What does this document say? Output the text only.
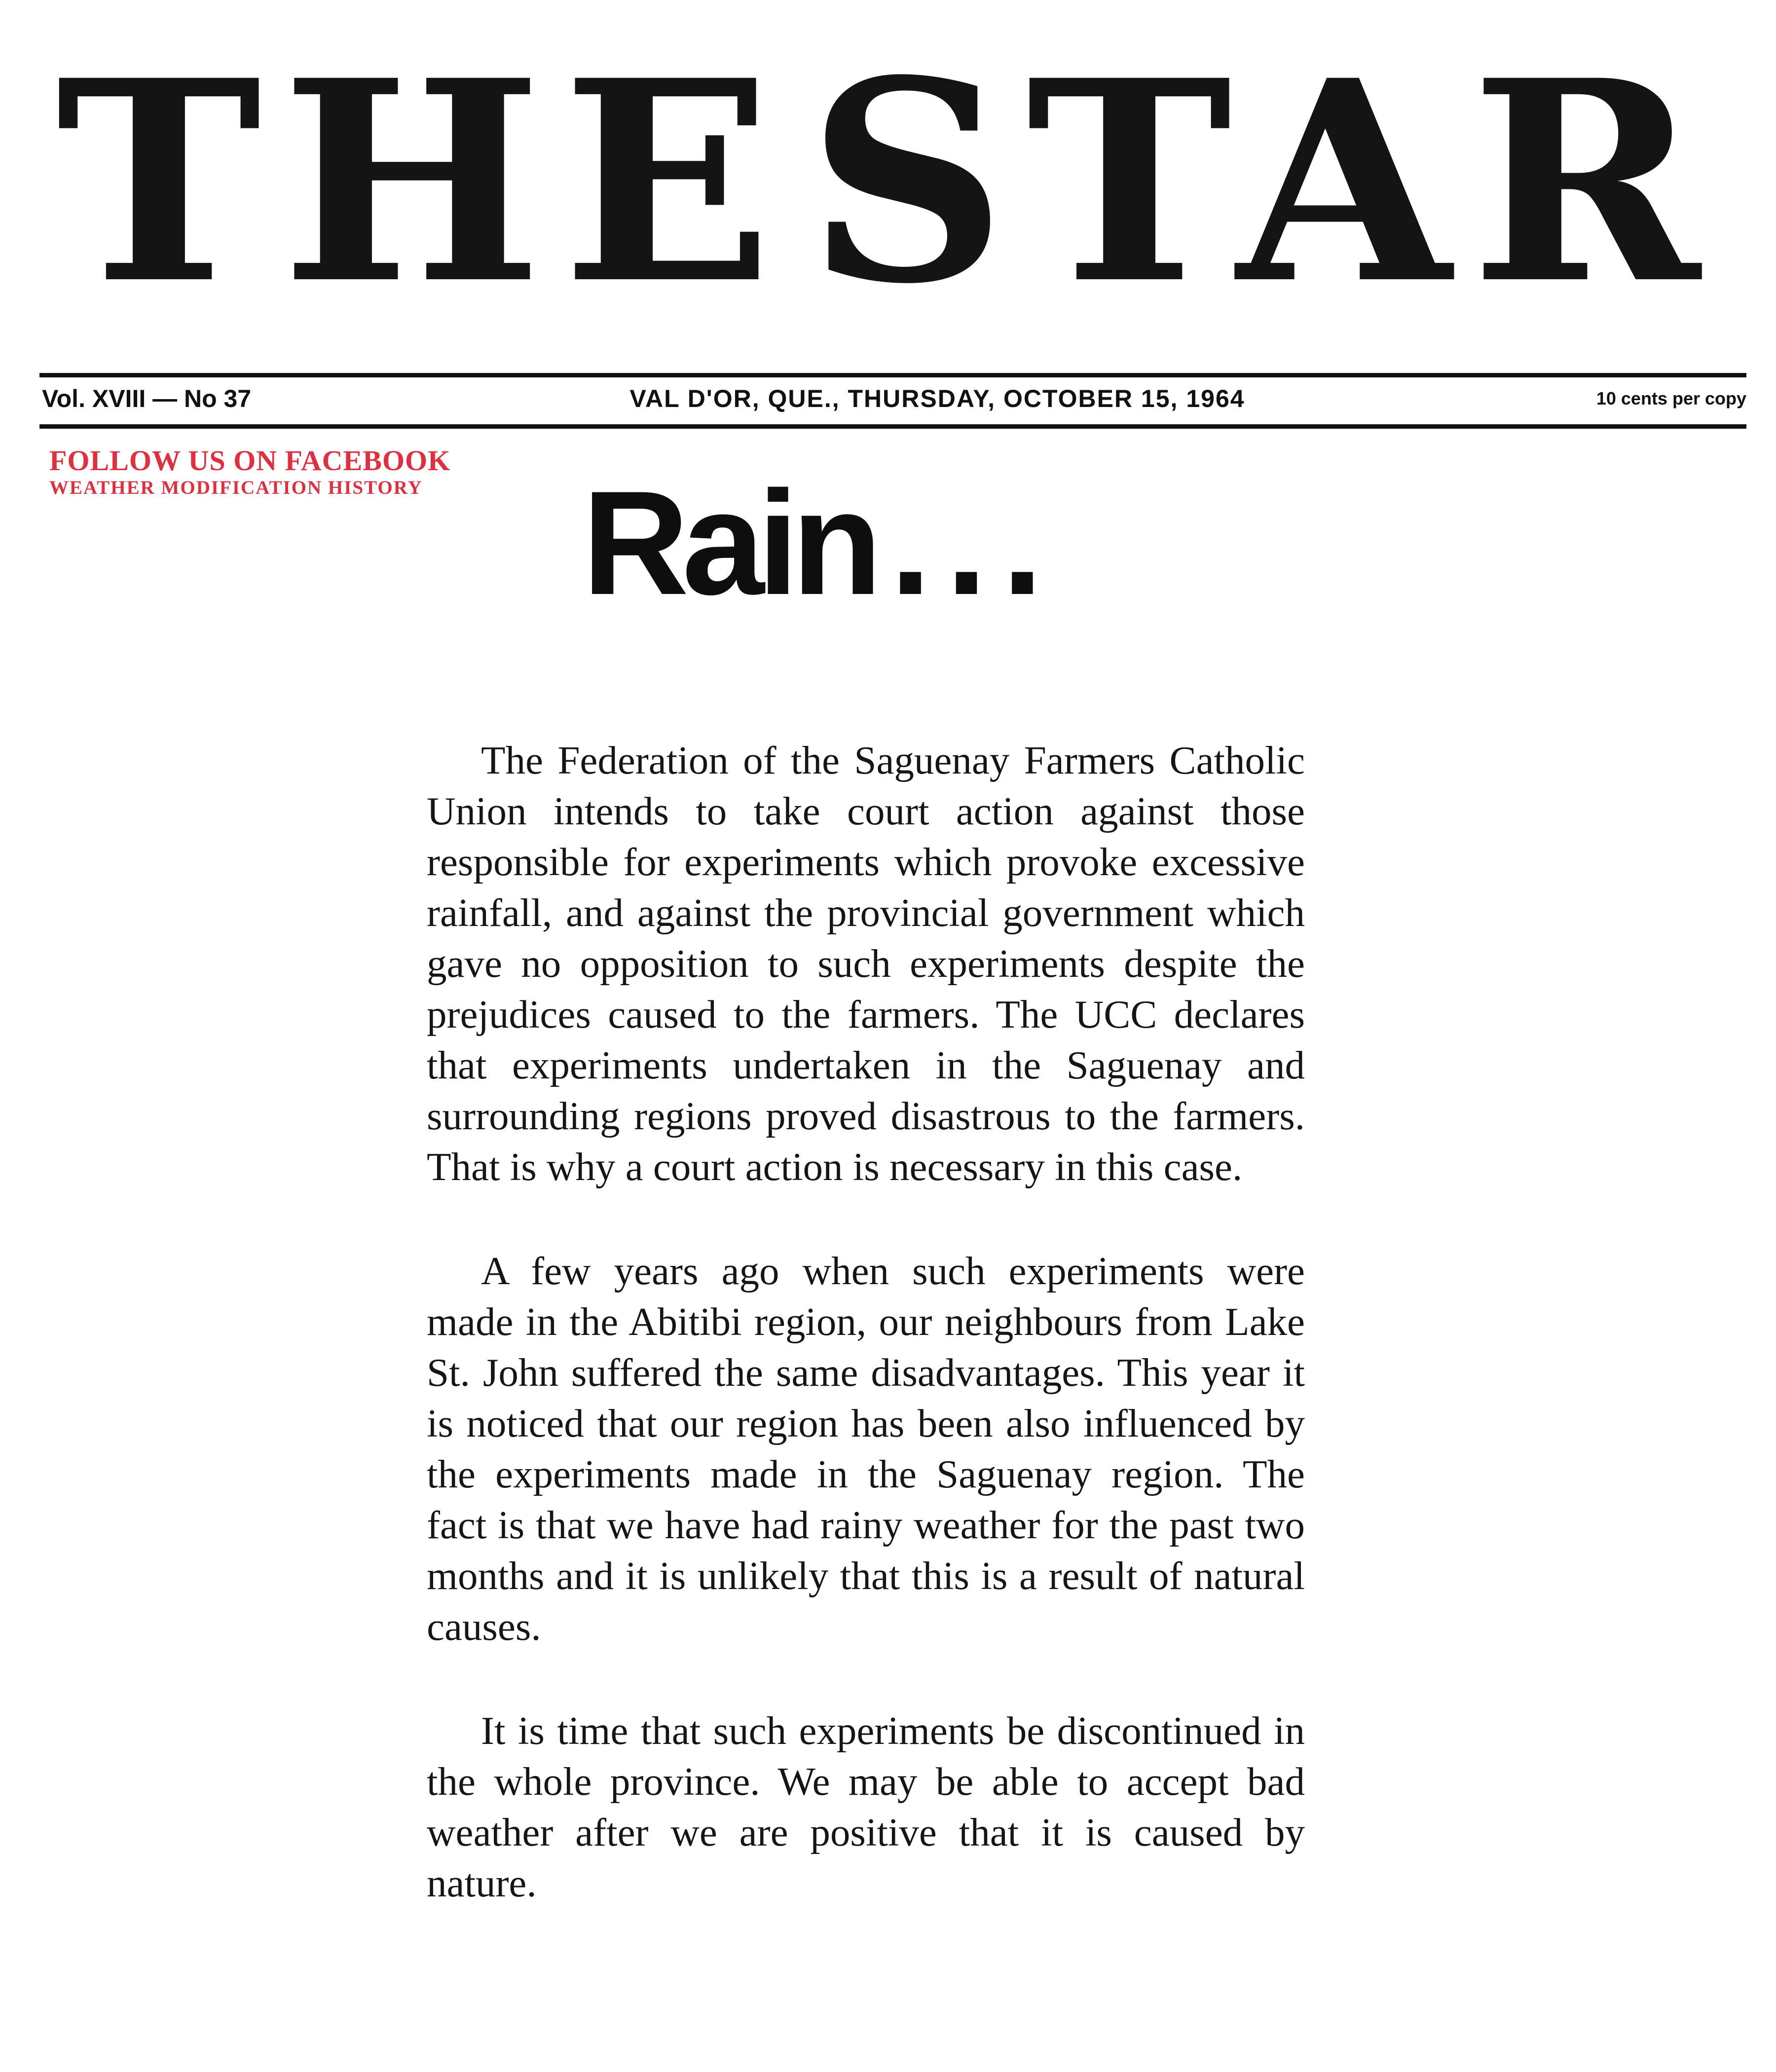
THESTAR
Vol. XVIII — No 37	VAL D'OR, QUE., THURSDAY, OCTOBER 15, 1964	10 cents per copy
FOLLOW US ON FACEBOOK
WEATHER MODIFICATION HISTORY Rain ...

The Federation of the Saguenay Farmers Catholic Union intends to take court action against those responsible for experiments which provoke excessive rainfall, and against the provincial government which gave no opposition to such experiments despite the prejudices caused to the farmers. The UCC declares that experiments undertaken in the Saguenay and surrounding regions proved disastrous to the farmers. That is why a court action is necessary in this case.

A few years ago when such experiments were made in the Abitibi region, our neighbours from Lake St. John suffered the same disadvantages. This year it is noticed that our region has been also influenced by the experiments made in the Saguenay region. The fact is that we have had rainy weather for the past two months and it is unlikely that this is a result of natural causes.

It is time that such experiments be discontinued in the whole province. We may be able to accept bad weather after we are positive that it is caused by nature.
